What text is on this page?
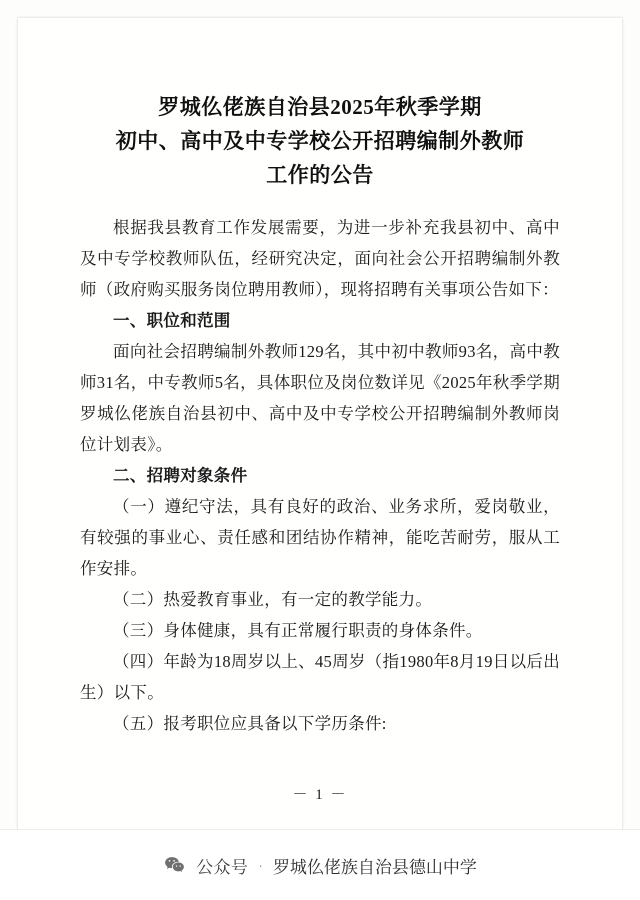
罗城仫佬族自治县2025年秋季学期
初中、高中及中专学校公开招聘编制外教师
工作的公告

根据我县教育工作发展需要，为进一步补充我县初中、高中及中专学校教师队伍，经研究决定，面向社会公开招聘编制外教师（政府购买服务岗位聘用教师），现将招聘有关事项公告如下：

一、职位和范围

面向社会招聘编制外教师129名，其中初中教师93名，高中教师31名，中专教师5名，具体职位及岗位数详见《2025年秋季学期罗城仫佬族自治县初中、高中及中专学校公开招聘编制外教师岗位计划表》。

二、招聘对象条件

（一）遵纪守法，具有良好的政治、业务求所，爱岗敬业，有较强的事业心、责任感和团结协作精神，能吃苦耐劳，服从工作安排。

（二）热爱教育事业，有一定的教学能力。

（三）身体健康，具有正常履行职责的身体条件。

（四）年龄为18周岁以上、45周岁（指1980年8月19日以后出生）以下。

（五）报考职位应具备以下学历条件:

－ 1 －
公众号 · 罗城仫佬族自治县德山中学
